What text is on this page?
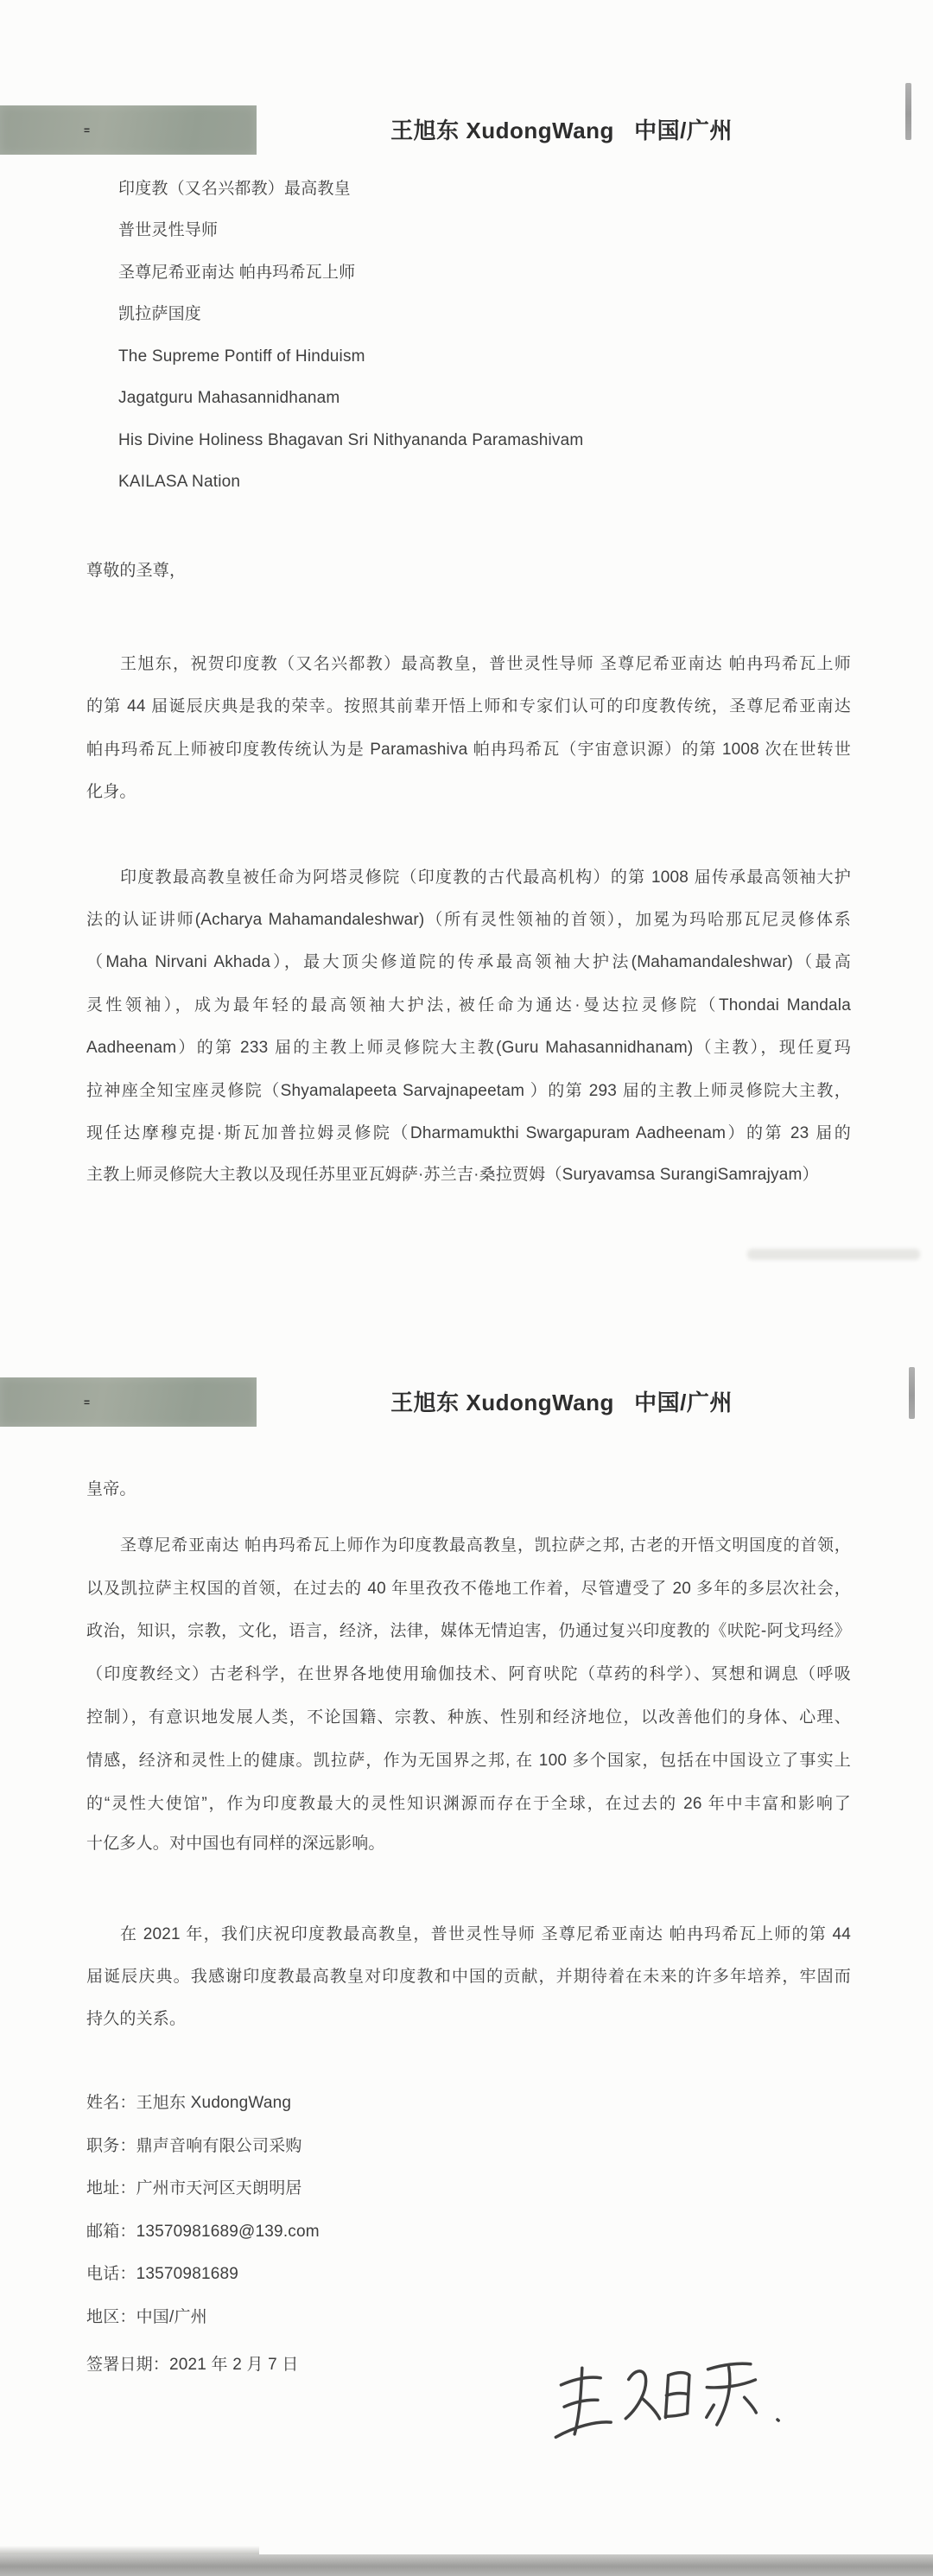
=	王旭东 XudongWang   中国/广州
印度教（又名兴都教）最高教皇
普世灵性导师
圣尊尼希亚南达 帕冉玛希瓦上师
凯拉萨国度
The Supreme Pontiff of Hinduism
Jagatguru Mahasannidhanam
His Divine Holiness Bhagavan Sri Nithyananda Paramashivam
KAILASA Nation
尊敬的圣尊，
王旭东，祝贺印度教（又名兴都教）最高教皇，普世灵性导师 圣尊尼希亚南达 帕冉玛希瓦上师
的第 44 届诞辰庆典是我的荣幸。按照其前辈开悟上师和专家们认可的印度教传统，圣尊尼希亚南达
帕冉玛希瓦上师被印度教传统认为是 Paramashiva 帕冉玛希瓦（宇宙意识源）的第 1008 次在世转世
化身。
印度教最高教皇被任命为阿塔灵修院（印度教的古代最高机构）的第 1008 届传承最高领袖大护
法的认证讲师(Acharya Mahamandaleshwar)（所有灵性领袖的首领），加冕为玛哈那瓦尼灵修体系
（Maha Nirvani Akhada），最大顶尖修道院的传承最高领袖大护法(Mahamandaleshwar)（最高
灵性领袖），成为最年轻的最高领袖大护法, 被任命为通达·曼达拉灵修院（Thondai Mandala
Aadheenam）的第 233 届的主教上师灵修院大主教(Guru Mahasannidhanam)（主教），现任夏玛
拉神座全知宝座灵修院（Shyamalapeeta Sarvajnapeetam ）的第 293 届的主教上师灵修院大主教，
现任达摩穆克提·斯瓦加普拉姆灵修院（Dharmamukthi Swargapuram Aadheenam）的第 23 届的
主教上师灵修院大主教以及现任苏里亚瓦姆萨·苏兰吉·桑拉贾姆（Suryavamsa SurangiSamrajyam）
=	王旭东 XudongWang   中国/广州
皇帝。
圣尊尼希亚南达 帕冉玛希瓦上师作为印度教最高教皇，凯拉萨之邦, 古老的开悟文明国度的首领，
以及凯拉萨主权国的首领，在过去的 40 年里孜孜不倦地工作着，尽管遭受了 20 多年的多层次社会，
政治，知识，宗教，文化，语言，经济，法律，媒体无情迫害，仍通过复兴印度教的《吠陀-阿戈玛经》
（印度教经文）古老科学，在世界各地使用瑜伽技术、阿育吠陀（草药的科学）、冥想和调息（呼吸
控制），有意识地发展人类，不论国籍、宗教、种族、性别和经济地位，以改善他们的身体、心理、
情感，经济和灵性上的健康。凯拉萨，作为无国界之邦, 在 100 多个国家，包括在中国设立了事实上
的“灵性大使馆”，作为印度教最大的灵性知识渊源而存在于全球，在过去的 26 年中丰富和影响了
十亿多人。对中国也有同样的深远影响。
在 2021 年，我们庆祝印度教最高教皇，普世灵性导师 圣尊尼希亚南达 帕冉玛希瓦上师的第 44
届诞辰庆典。我感谢印度教最高教皇对印度教和中国的贡献，并期待着在未来的许多年培养，牢固而
持久的关系。
姓名：王旭东 XudongWang
职务：鼎声音响有限公司采购
地址：广州市天河区天朗明居
邮箱：13570981689@139.com
电话：13570981689
地区：中国/广州
签署日期：2021 年 2 月 7 日
